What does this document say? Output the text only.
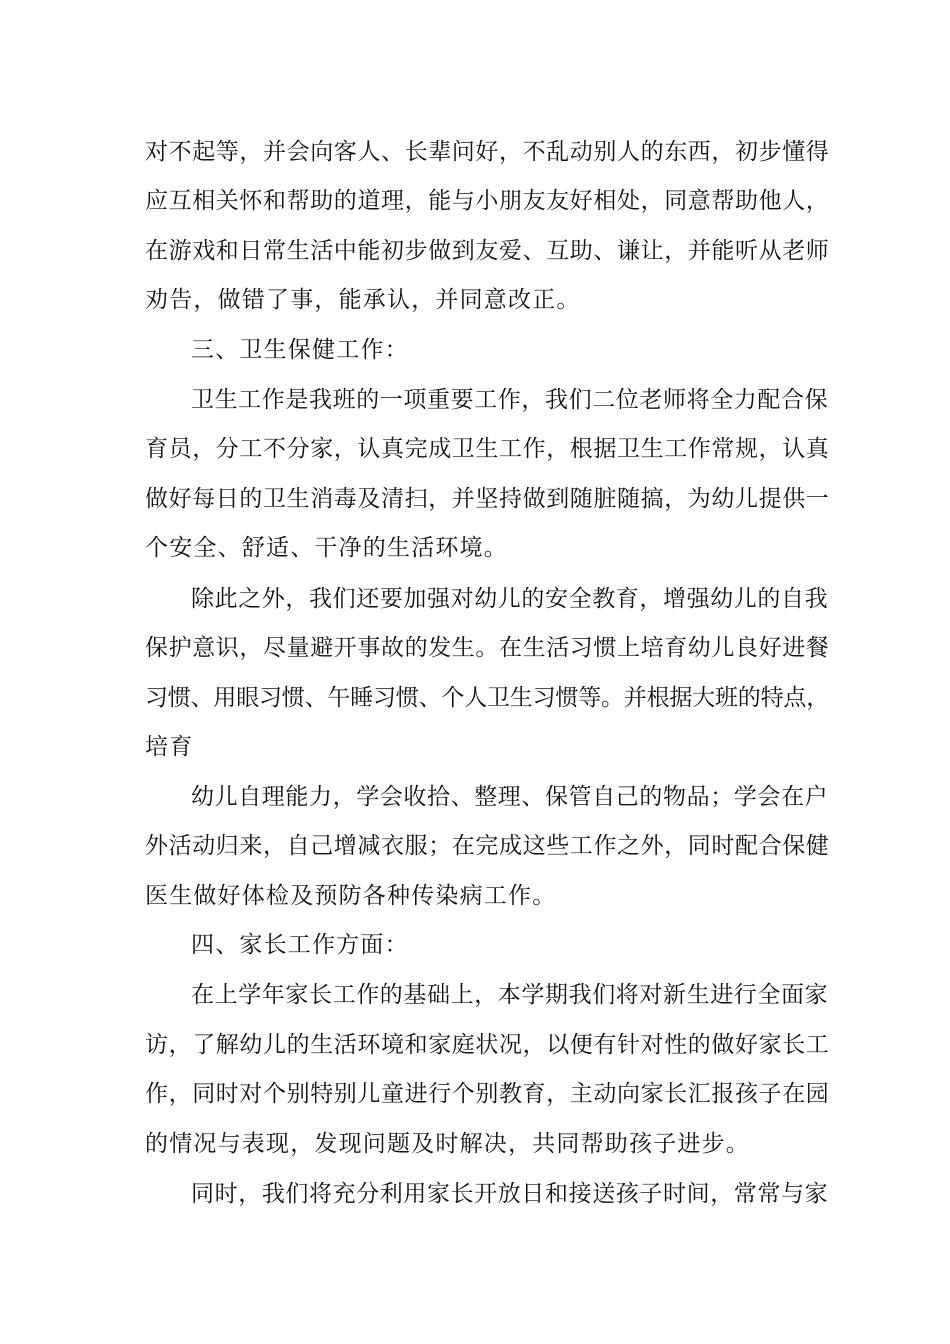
对不起等，并会向客人、长辈问好，不乱动别人的东西，初步懂得

应互相关怀和帮助的道理，能与小朋友友好相处，同意帮助他人，

在游戏和日常生活中能初步做到友爱、互助、谦让，并能听从老师

劝告，做错了事，能承认，并同意改正。

三、卫生保健工作：

卫生工作是我班的一项重要工作，我们二位老师将全力配合保

育员，分工不分家，认真完成卫生工作，根据卫生工作常规，认真

做好每日的卫生消毒及清扫，并坚持做到随脏随搞，为幼儿提供一

个安全、舒适、干净的生活环境。

除此之外，我们还要加强对幼儿的安全教育，增强幼儿的自我

保护意识，尽量避开事故的发生。在生活习惯上培育幼儿良好进餐

习惯、用眼习惯、午睡习惯、个人卫生习惯等。并根据大班的特点，

培育

幼儿自理能力，学会收拾、整理、保管自己的物品；学会在户

外活动归来，自己增减衣服；在完成这些工作之外，同时配合保健

医生做好体检及预防各种传染病工作。

四、家长工作方面：

在上学年家长工作的基础上，本学期我们将对新生进行全面家

访，了解幼儿的生活环境和家庭状况，以便有针对性的做好家长工

作，同时对个别特别儿童进行个别教育，主动向家长汇报孩子在园

的情况与表现，发现问题及时解决，共同帮助孩子进步。

同时，我们将充分利用家长开放日和接送孩子时间，常常与家
